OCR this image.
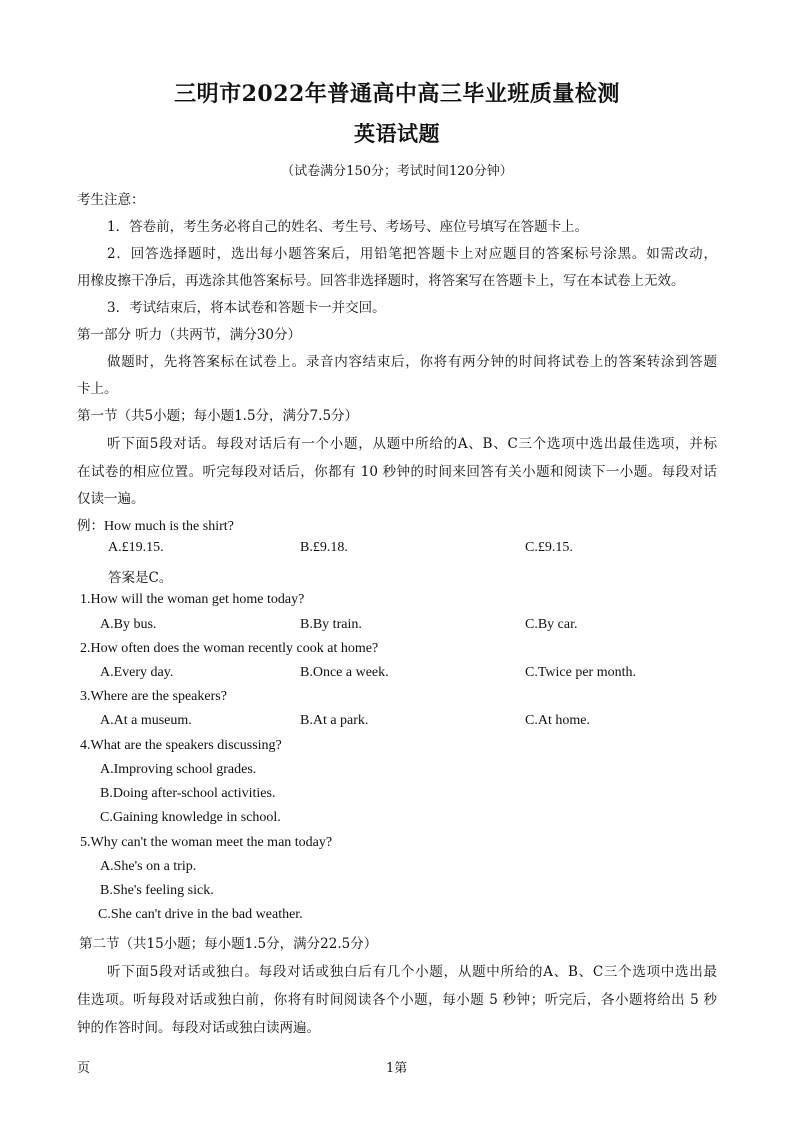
三明市2022年普通高中高三毕业班质量检测
英语试题
（试卷满分150分；考试时间120分钟）
考生注意：
1．答卷前，考生务必将自己的姓名、考生号、考场号、座位号填写在答题卡上。
2．回答选择题时，选出每小题答案后，用铅笔把答题卡上对应题目的答案标号涂黑。如需改动，
用橡皮擦干净后，再选涂其他答案标号。回答非选择题时，将答案写在答题卡上，写在本试卷上无效。
3．考试结束后，将本试卷和答题卡一并交回。
第一部分 听力（共两节，满分30分）
做题时，先将答案标在试卷上。录音内容结束后，你将有两分钟的时间将试卷上的答案转涂到答题
卡上。
第一节（共5小题；每小题1.5分，满分7.5分）
听下面5段对话。每段对话后有一个小题，从题中所给的A、B、C三个选项中选出最佳选项，并标
在试卷的相应位置。听完每段对话后，你都有 10 秒钟的时间来回答有关小题和阅读下一小题。每段对话
仅读一遍。
例：How much is the shirt?
A.£19.15.	B.£9.18.	C.£9.15.
答案是C。
1.How will the woman get home today?
A.By bus.	B.By train.	C.By car.
2.How often does the woman recently cook at home?
A.Every day.	B.Once a week.	C.Twice per month.
3.Where are the speakers?
A.At a museum.	B.At a park.	C.At home.
4.What are the speakers discussing?
A.Improving school grades.
B.Doing after-school activities.
C.Gaining knowledge in school.
5.Why can't the woman meet the man today?
A.She's on a trip.
B.She's feeling sick.
C.She can't drive in the bad weather.
第二节（共15小题；每小题1.5分，满分22.5分）
听下面5段对话或独白。每段对话或独白后有几个小题，从题中所给的A、B、C三个选项中选出最
佳选项。听每段对话或独白前，你将有时间阅读各个小题，每小题 5 秒钟；听完后，各小题将给出 5 秒
钟的作答时间。每段对话或独白读两遍。
页	1第
